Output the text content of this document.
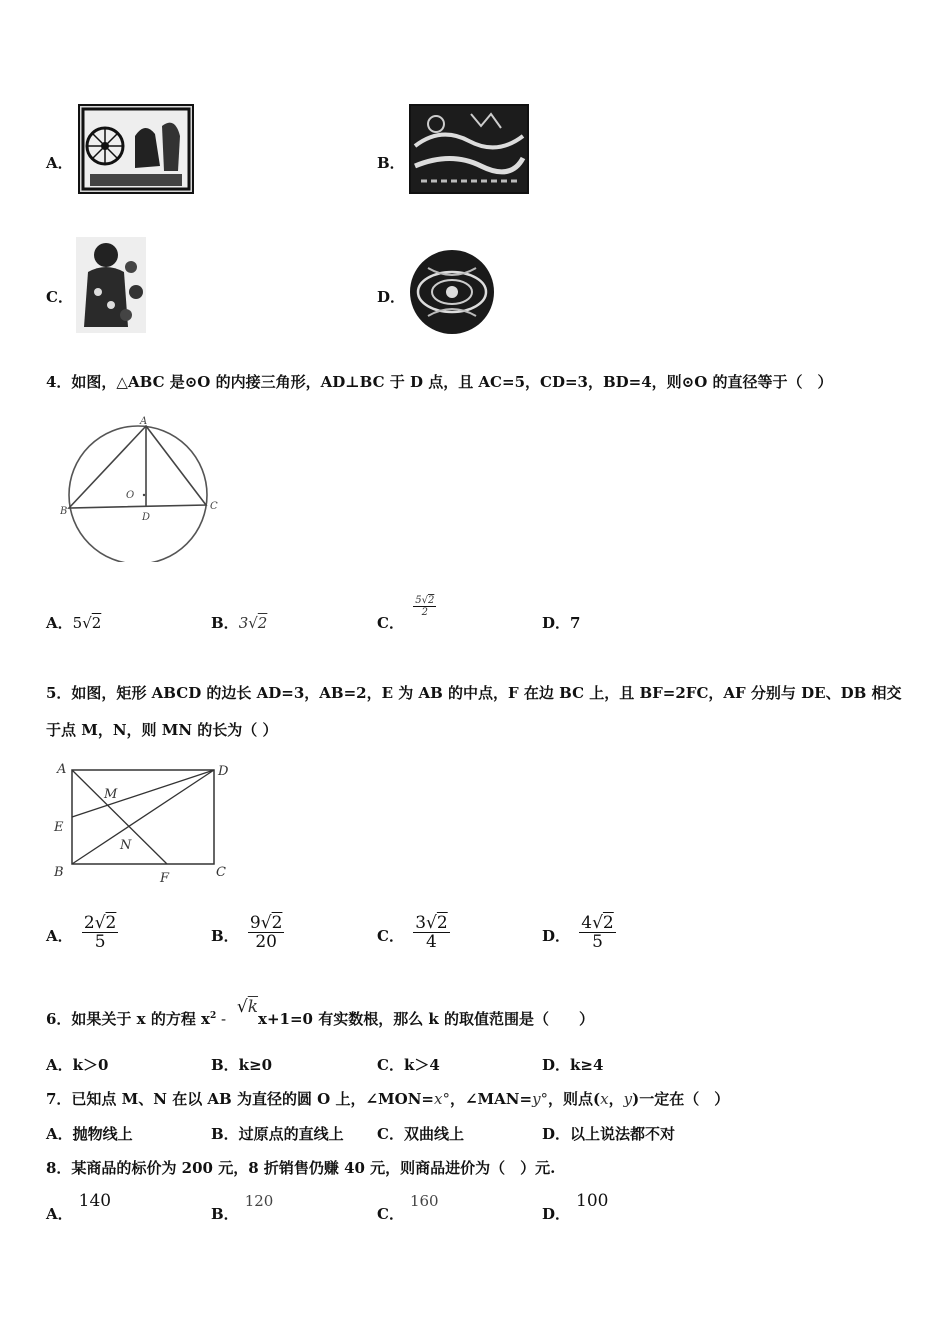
A．	B．
C．	D．
4．如图，△ABC 是⊙O 的内接三角形，AD⊥BC 于 D 点，且 AC=5，CD=3，BD=4，则⊙O 的直径等于（　）
A
B	C
D
O
A．5√2	B．3√2	C．
$\frac{5√2}{2}$
D．7
5．如图，矩形 ABCD 的边长 AD=3，AB=2，E 为 AB 的中点，F 在边 BC 上，且 BF=2FC，AF 分别与 DE、DB 相交
于点 M，N，则 MN 的长为（ ）
A	D
E
B	C
F
M
N
A． $\frac{2√2}{5}$	B． $\frac{9√2}{20}$	C． $\frac{3√2}{4}$	D． $\frac{4√2}{5}$
6．如果关于 x 的方程 $x^2 - √kx+1=0$ 有实数根，那么 k 的取值范围是（　　）
A．k＞0	B．k≥0	C．k＞4	D．k≥4
7．已知点 M、N 在以 AB 为直径的圆 O 上，∠MON=x°，∠MAN=y°，则点(x，y)一定在（　）
A．抛物线上	B．过原点的直线上 C．双曲线上	D．以上说法都不对
8．某商品的标价为 200 元，8 折销售仍赚 40 元，则商品进价为（　）元.
A．140
B．120
C．160
D．100
